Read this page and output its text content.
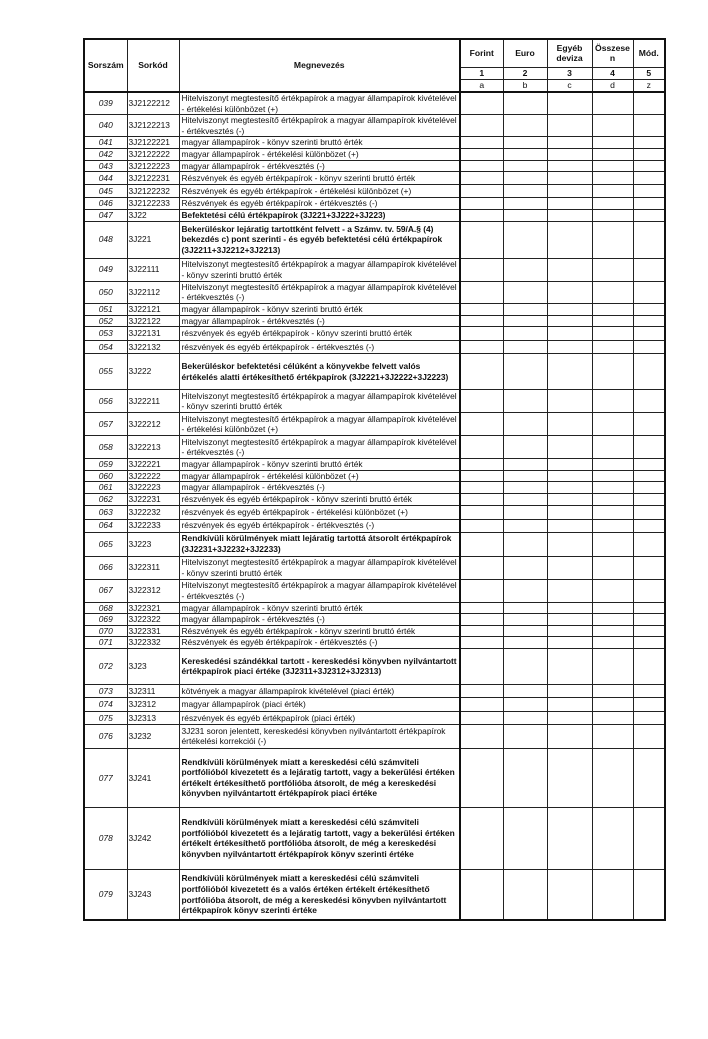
Sorszám	Sorkód	Megnevezés	Forint	Euro	Egyéb deviza	Összesen	Mód.
			1	2	3	4	5
			a	b	c	d	z
039	3J2122212	Hitelviszonyt megtestesítő értékpapírok a magyar állampapírok kivételével - értékelési különbözet (+)					
040	3J2122213	Hitelviszonyt megtestesítő értékpapírok a magyar állampapírok kivételével - értékvesztés (-)					
041	3J2122221	magyar állampapírok - könyv szerinti bruttó érték					
042	3J2122222	magyar állampapírok - értékelési különbözet (+)					
043	3J2122223	magyar állampapírok - értékvesztés (-)					
044	3J2122231	Részvények és egyéb értékpapírok - könyv szerinti bruttó érték					
045	3J2122232	Részvények és egyéb értékpapírok - értékelési különbözet (+)					
046	3J2122233	Részvények és egyéb értékpapírok - értékvesztés (-)					
047	3J22	Befektetési célú értékpapírok (3J221+3J222+3J223)					
048	3J221	Bekerüléskor lejáratig tartottként felvett - a Számv. tv. 59/A.§ (4) bekezdés c) pont szerinti - és egyéb befektetési célú értékpapírok (3J2211+3J2212+3J2213)					
049	3J22111	Hitelviszonyt megtestesítő értékpapírok a magyar állampapírok kivételével - könyv szerinti bruttó érték					
050	3J22112	Hitelviszonyt megtestesítő értékpapírok a magyar állampapírok kivételével - értékvesztés (-)					
051	3J22121	magyar állampapírok - könyv szerinti bruttó érték					
052	3J22122	magyar állampapírok - értékvesztés (-)					
053	3J22131	részvények és egyéb értékpapírok - könyv szerinti bruttó érték					
054	3J22132	részvények és egyéb értékpapírok - értékvesztés (-)					
055	3J222	Bekerüléskor befektetési célúként a könyvekbe felvett valós értékelés alatti értékesíthető értékpapírok (3J2221+3J2222+3J2223)					
056	3J22211	Hitelviszonyt megtestesítő értékpapírok a magyar állampapírok kivételével - könyv szerinti bruttó érték					
057	3J22212	Hitelviszonyt megtestesítő értékpapírok a magyar állampapírok kivételével - értékelési különbözet (+)					
058	3J22213	Hitelviszonyt megtestesítő értékpapírok a magyar állampapírok kivételével - értékvesztés (-)					
059	3J22221	magyar állampapírok - könyv szerinti bruttó érték					
060	3J22222	magyar állampapírok - értékelési különbözet (+)					
061	3J22223	magyar állampapírok - értékvesztés (-)					
062	3J22231	részvények és egyéb értékpapírok - könyv szerinti bruttó érték					
063	3J22232	részvények és egyéb értékpapírok - értékelési különbözet (+)					
064	3J22233	részvények és egyéb értékpapírok - értékvesztés (-)					
065	3J223	Rendkívüli körülmények miatt lejáratig tartottá átsorolt értékpapírok (3J2231+3J2232+3J2233)					
066	3J22311	Hitelviszonyt megtestesítő értékpapírok a magyar állampapírok kivételével - könyv szerinti bruttó érték					
067	3J22312	Hitelviszonyt megtestesítő értékpapírok a magyar állampapírok kivételével - értékvesztés (-)					
068	3J22321	magyar állampapírok - könyv szerinti bruttó érték					
069	3J22322	magyar állampapírok - értékvesztés (-)					
070	3J22331	Részvények és egyéb értékpapírok - könyv szerinti bruttó érték					
071	3J22332	Részvények és egyéb értékpapírok - értékvesztés (-)					
072	3J23	Kereskedési szándékkal tartott - kereskedési könyvben nyilvántartott értékpapírok piaci értéke (3J2311+3J2312+3J2313)					
073	3J2311	kötvények a magyar állampapírok kivételével (piaci érték)					
074	3J2312	magyar állampapírok (piaci érték)					
075	3J2313	részvények és egyéb értékpapírok (piaci érték)					
076	3J232	3J231 soron jelentett, kereskedési könyvben nyilvántartott értékpapírok értékelési korrekciói (-)					
077	3J241	Rendkívüli körülmények miatt a kereskedési célú számviteli portfólióból kivezetett és a lejáratig tartott, vagy a bekerülési értéken értékelt értékesíthető portfólióba átsorolt, de még a kereskedési könyvben nyilvántartott értékpapírok piaci értéke					
078	3J242	Rendkívüli körülmények miatt a kereskedési célú számviteli portfólióból kivezetett és a lejáratig tartott, vagy a bekerülési értéken értékelt értékesíthető portfólióba átsorolt, de még a kereskedési könyvben nyilvántartott értékpapírok könyv szerinti értéke					
079	3J243	Rendkívüli körülmények miatt a kereskedési célú számviteli portfólióból kivezetett és a valós értéken értékelt értékesíthető portfólióba átsorolt, de még a kereskedési könyvben nyilvántartott értékpapírok könyv szerinti értéke					
